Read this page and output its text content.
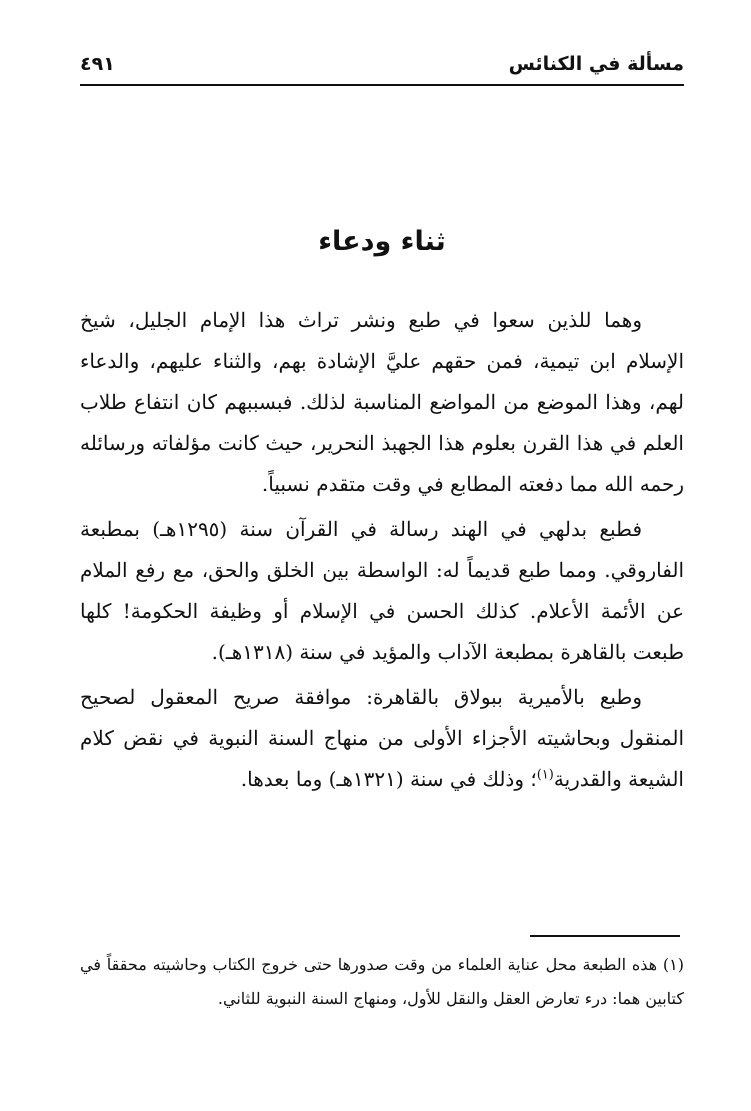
مسألة في الكنائس
٤٩١
ثناء ودعاء

وهما للذين سعوا في طبع ونشر تراث هذا الإمام الجليل، شيخ الإسلام ابن تيمية، فمن حقهم عليَّ الإشادة بهم، والثناء عليهم، والدعاء لهم، وهذا الموضع من المواضع المناسبة لذلك. فبسببهم كان انتفاع طلاب العلم في هذا القرن بعلوم هذا الجهبذ النحرير، حيث كانت مؤلفاته ورسائله رحمه الله مما دفعته المطابع في وقت متقدم نسبياً.

فطبع بدلهي في الهند رسالة في القرآن سنة (١٢٩٥هـ) بمطبعة الفاروقي. ومما طبع قديماً له: الواسطة بين الخلق والحق، مع رفع الملام عن الأئمة الأعلام. كذلك الحسن في الإسلام أو وظيفة الحكومة! كلها طبعت بالقاهرة بمطبعة الآداب والمؤيد في سنة (١٣١٨هـ).

وطبع بالأميرية ببولاق بالقاهرة: موافقة صريح المعقول لصحيح المنقول وبحاشيته الأجزاء الأولى من منهاج السنة النبوية في نقض كلام الشيعة والقدرية$^{(١)}$؛ وذلك في سنة (١٣٢١هـ) وما بعدها.

(١) هذه الطبعة محل عناية العلماء من وقت صدورها حتى خروج الكتاب وحاشيته محققاً في كتابين هما: درء تعارض العقل والنقل للأول، ومنهاج السنة النبوية للثاني.
